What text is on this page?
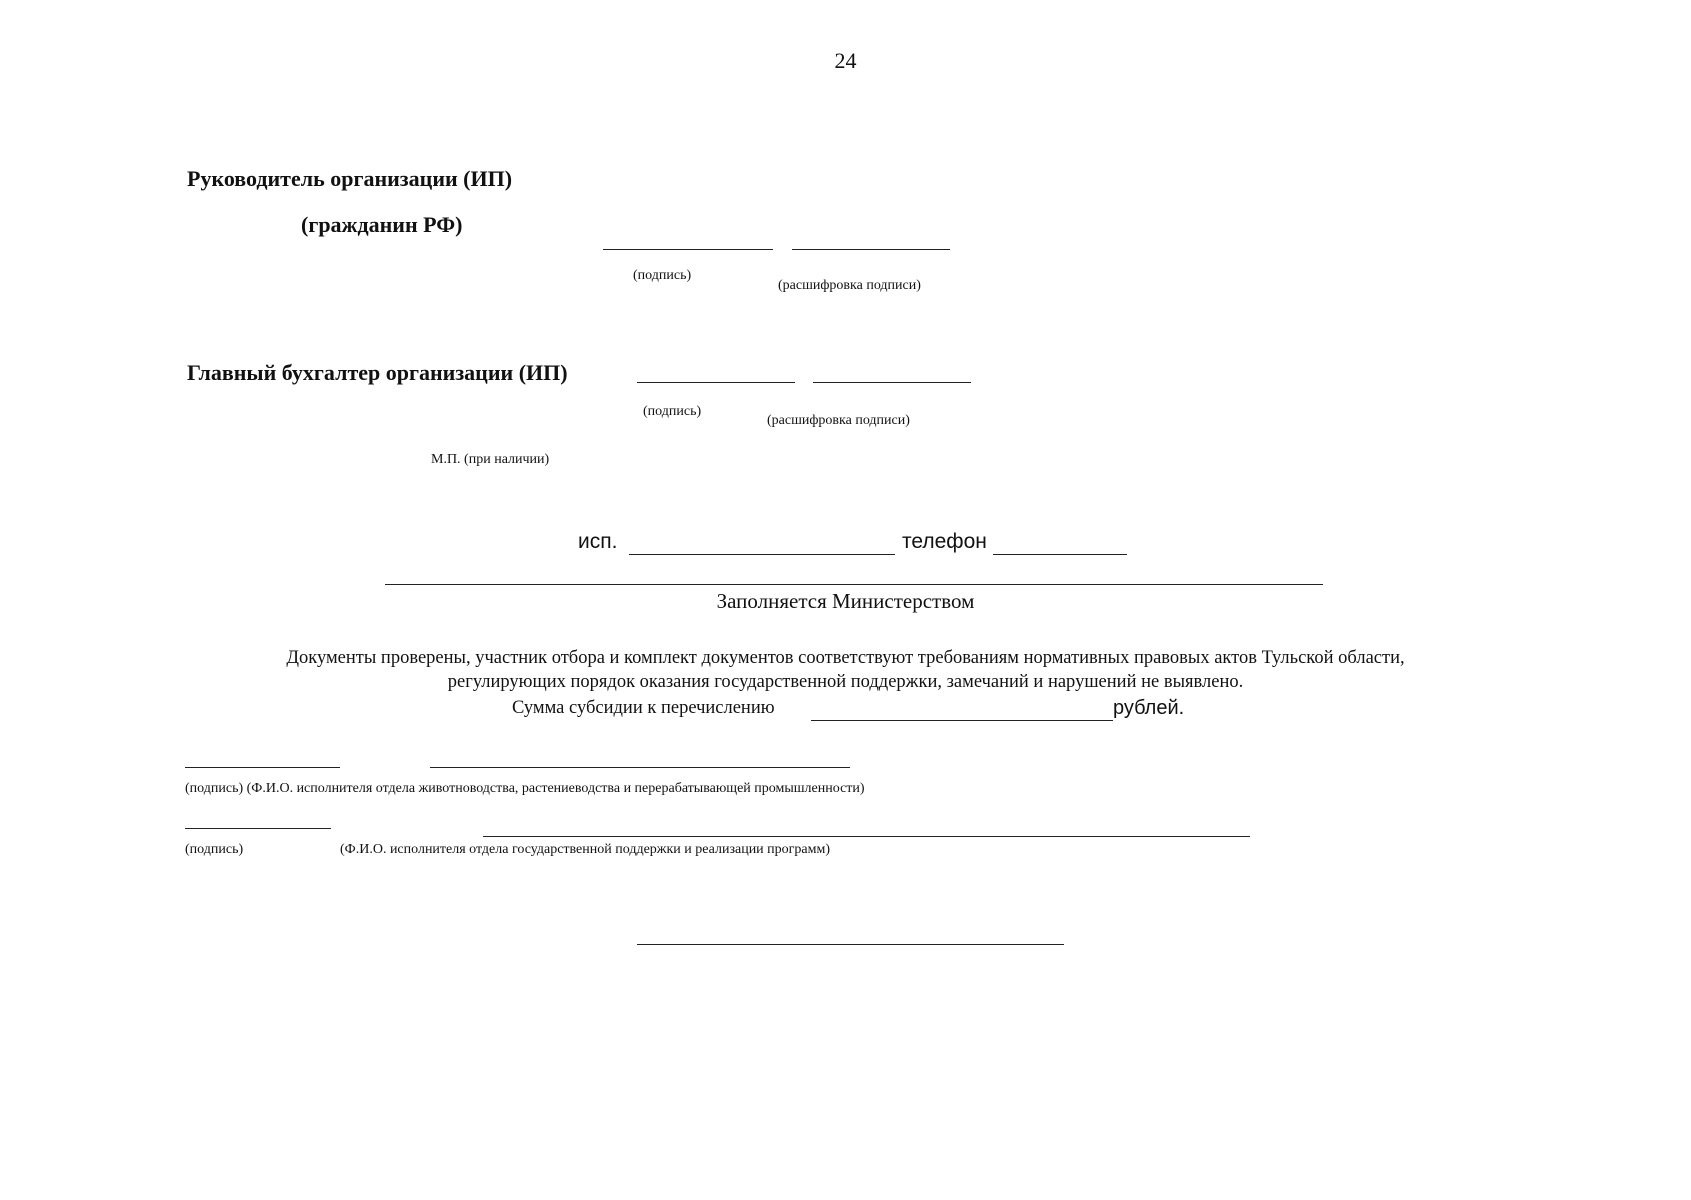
24
Руководитель организации (ИП)
(гражданин РФ)
(подпись)
(расшифровка подписи)
Главный бухгалтер организации (ИП)
(подпись)
(расшифровка подписи)
М.П. (при наличии)
исп.	телефон
Заполняется Министерством
Документы проверены, участник отбора и комплект документов соответствуют требованиям нормативных правовых актов Тульской области,
регулирующих порядок оказания государственной поддержки, замечаний и нарушений не выявлено.
Сумма субсидии к перечислению	рублей.
(подпись) (Ф.И.О. исполнителя отдела животноводства, растениеводства и перерабатывающей промышленности)
(подпись)	(Ф.И.О. исполнителя отдела государственной поддержки и реализации программ)
